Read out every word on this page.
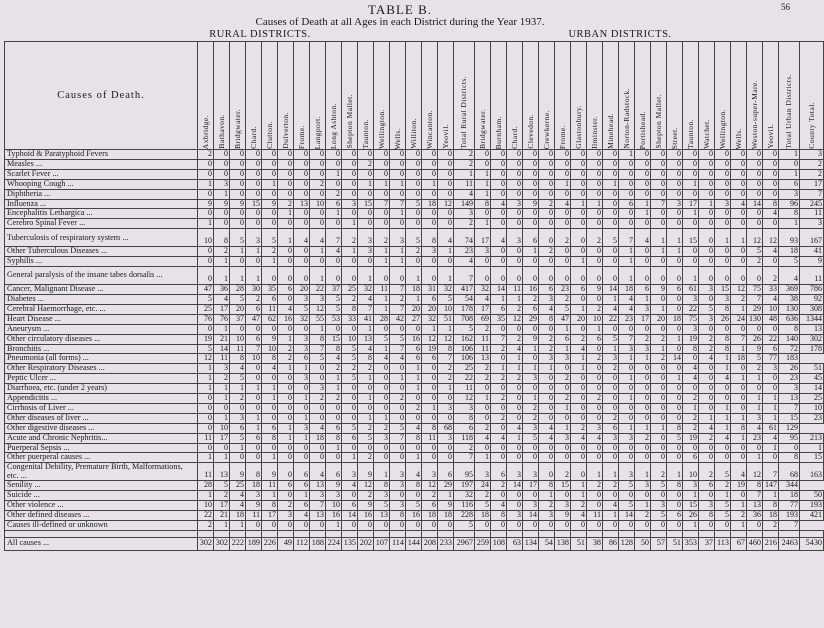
56
TABLE B.
Causes of Death at all Ages in each District during the Year 1937.
RURAL DISTRICTS.	URBAN DISTRICTS.
Causes of Death.	Axbridge.	Bathavon.	Bridgwater.	Chard.	Clutton.	Dulverton.	Frome.	Langport.	Long Ashton.	Shepton Mallet.	Taunton.	Wellington.	Wells.	Williton.	Wincanton.	Yeovil.	Total Rural Districts.	Bridgwater.	Burnham.	Chard.	Clevedon.	Crewkerne.	Frome.	Glastonbury.	Ilminster.	Minehead.	Norton-Radstock.	Portishead.	Shepton Mallet.	Street.	Taunton.	Watchet.	Wellington.	Wells.	Weston-super-Mare.	Yeovil.	Total Urban Districts.	County Total.	

Typhoid & Paratyphoid Fevers	2	0	0	0	0	0	0	0	0	0	0	0	0	0	0	0	2	0	0	0	0	0	0	0	0	0	1	0	0	0	0	0	0	0	0	0	1	3	
Measles ...	0	0	0	0	0	0	0	0	0	0	2	0	0	0	0	0	2	0	0	0	0	0	0	0	0	0	0	0	0	0	0	0	0	0	0	0	0	2	
Scarlet Fever ...	0	0	0	0	0	0	0	0	1	0	0	0	0	0	0	0	1	1	0	0	0	0	0	0	0	0	0	0	0	0	0	0	0	0	0	0	1	2	
Whooping Cough ...	1	3	0	0	1	0	0	2	0	0	1	1	1	0	1	0	11	1	0	0	0	0	1	0	0	1	0	0	0	0	1	0	0	0	0	0	6	17	
Diphtheria ...	0	1	0	0	0	0	0	0	2	0	0	0	0	0	0	0	4	1	0	0	0	0	0	0	0	0	0	0	0	0	0	0	0	0	0	0	3	7	
Influenza ...	9	9	9	15	9	2	13	10	6	3	15	7	7	5	18	12	149	8	4	3	9	2	4	1	1	0	6	1	7	3	17	1	3	4	14	8	96	245	
Encephalitis Lethargica ...	0	0	0	0	0	1	0	0	1	0	0	0	1	0	0	0	3	0	0	0	0	0	0	0	0	0	0	1	0	0	1	0	0	0	0	4	8	11	
Cerebro Spinal Fever ...	1	0	0	0	0	0	0	0	0	1	0	0	0	0	0	0	2	1	0	0	0	0	0	0	0	0	0	0	0	0	0	0	0	0	0	0	1	3	
Tuberculosis of respiratory system ...	10	8	5	3	5	1	4	4	7	2	3	2	3	5	8	4	74	17	4	3	6	0	2	0	2	5	7	4	1	1	15	0	1	1	12	12	93	167	
Other Tuberculous Diseases ...	0	2	1	1	2	0	0	1	4	1	3	1	1	2	3	1	23	3	0	0	1	2	0	0	0	0	1	0	1	1	0	0	0	0	5	4	18	41	
Syphilis ...	0	1	0	0	1	0	0	0	0	0	0	1	1	0	0	0	4	0	0	0	0	0	0	1	0	0	1	0	0	0	0	0	0	0	2	0	5	9	
General paralysis of the insane tabes dorsalis ...	0	1	1	1	0	0	0	1	0	0	1	0	0	1	0	1	7	0	0	0	0	0	0	0	0	0	1	0	0	0	1	0	0	0	0	2	4	11	
Cancer, Malignant Disease ...	47	36	28	30	35	6	20	22	37	25	32	11	7	18	31	32	417	32	14	11	16	6	23	6	9	14	18	6	9	6	61	3	15	12	75	33	369	786	
Diabetes ...	5	4	5	2	6	0	3	3	5	2	4	1	2	1	6	5	54	4	1	1	2	3	2	0	0	1	4	1	0	0	3	0	3	2	7	4	38	92	
Cerebral Haemorrhage, etc. ...	25	17	20	6	11	4	5	12	5	8	7	1	7	20	20	10	178	17	6	2	6	4	5	1	2	4	4	3	1	0	22	5	8	1	29	10	130	308	
Heart Disease ...	76	76	37	47	62	16	32	55	53	33	41	28	42	27	32	51	708	69	35	12	29	8	47	20	10	22	23	17	20	18	75	3	26	24	130	48	636	1344	
Aneurysm ...	0	1	0	0	0	0	0	1	0	0	1	0	0	0	1	1	5	2	0	0	0	0	1	0	1	0	0	0	0	0	3	0	0	0	0	0	8	13	
Other circulatory diseases ...	19	21	10	6	9	1	3	8	15	10	13	5	5	16	12	12	162	11	7	2	9	2	6	2	6	5	7	2	2	1	19	2	8	7	26	22	140	302	
Bronchitis ...	5	14	11	7	10	2	3	7	8	5	4	1	7	6	19	8	106	11	2	4	1	2	1	4	0	1	3	3	1	0	8	2	8	1	9	6	72	178	
Pneumonia (all forms) ...	12	11	8	10	8	2	6	5	4	5	8	4	4	6	6	7	106	13	0	1	0	3	3	1	2	3	1	1	2	14	0	4	1	18	5	77	183		
Other Respiratory Diseases ...	1	3	4	0	4	1	1	0	2	2	2	0	0	1	0	2	25	2	1	1	1	1	0	1	0	2	0	0	0	0	4	0	1	0	2	3	26	51	
Peptic Ulcer ...	1	2	5	0	0	0	3	0	1	5	1	0	1	1	0	2	22	2	2	2	3	0	2	0	0	0	1	0	0	1	4	0	4	1	1	0	23	45	
Diarrhoea, etc. (under 2 years)	1	1	1	1	1	0	0	3	1	0	0	0	0	1	0	1	11	0	0	0	0	0	0	0	0	0	0	0	0	0	0	0	0	0	0	0	3	14	
Appendicitis ...	0	1	2	0	1	0	1	2	2	0	1	0	2	0	0	0	12	1	2	0	1	0	2	0	2	0	1	0	0	0	2	0	0	0	1	1	13	25	
Cirrhosis of Liver ...	0	0	0	0	0	0	0	0	0	0	0	0	0	2	1	3	3	0	0	0	2	0	1	0	0	0	0	0	0	0	1	0	1	0	1	1	7	10	
Other diseases of liver ...	0	1	3	1	0	0	1	0	0	0	1	1	0	0	0	0	8	0	2	0	2	0	0	0	0	2	0	0	0	0	2	1	1	1	3	1	15	23	
Other digestive diseases ...	0	10	6	1	6	1	3	4	6	5	2	2	5	4	8	68	6	2	0	4	3	4	1	2	3	6	1	1	1	8	2	4	1	8	4	61	129		
Acute and Chronic Nephritis...	11	17	5	6	8	1	1	18	8	6	5	3	7	8	11	3	118	4	4	1	5	4	3	4	4	3	3	2	0	5	19	2	4	1	23	4	95	213	
Puerperal Sepsis ...	0	0	1	0	0	0	0	0	1	0	0	0	0	0	0	0	2	0	0	0	0	0	0	0	0	0	0	0	0	0	0	0	0	0	0	1	0	1	
Other puerperal causes ...	1	1	0	0	1	0	0	0	0	1	2	0	0	1	0	0	7	1	0	0	0	0	0	0	0	0	0	0	0	0	6	0	0	0	1	0	8	15	
Congenital Debility, Premature Birth, Malformations, etc. ...	11	13	9	8	9	0	6	4	6	3	9	1	3	4	3	6	95	3	6	3	3	0	2	0	1	1	3	1	2	1	10	2	5	4	12	7	68	163	
Senility ...	28	5	25	18	11	6	6	13	9	4	12	8	3	8	12	29	197	24	2	14	17	8	15	1	2	2	5	3	5	8	3	6	2	19	8	147	344		
Suicide ...	1	2	4	3	1	0	1	3	3	0	2	3	0	0	2	1	32	2	0	0	0	1	0	1	0	0	0	0	0	0	1	0	1	0	7	1	18	50	
Other violence ...	10	17	4	9	8	2	6	7	10	6	9	5	3	5	6	9	116	5	4	0	3	2	3	2	0	4	5	1	3	0	15	3	5	1	13	8	77	193	
Other defined diseases ...	22	21	18	11	17	3	4	13	16	14	16	13	8	16	18	18	228	18	8	3	14	3	9	4	11	1	14	2	5	6	26	8	5	2	36	18	193	421	
Causes ill-defined or unknown	2	1	1	0	0	0	0	0	1	0	0	0	0	0	0	0	5	0	0	0	0	0	0	0	0	0	0	0	0	0	1	0	0	1	0	2	7		

All causes ...	302	302	222	189	226	49	112	188	224	135	202	107	114	144	208	233	2967	259	108	63	134	54	138	51	38	86	128	50	57	51	353	37	113	67	460	216	2463	5430	
